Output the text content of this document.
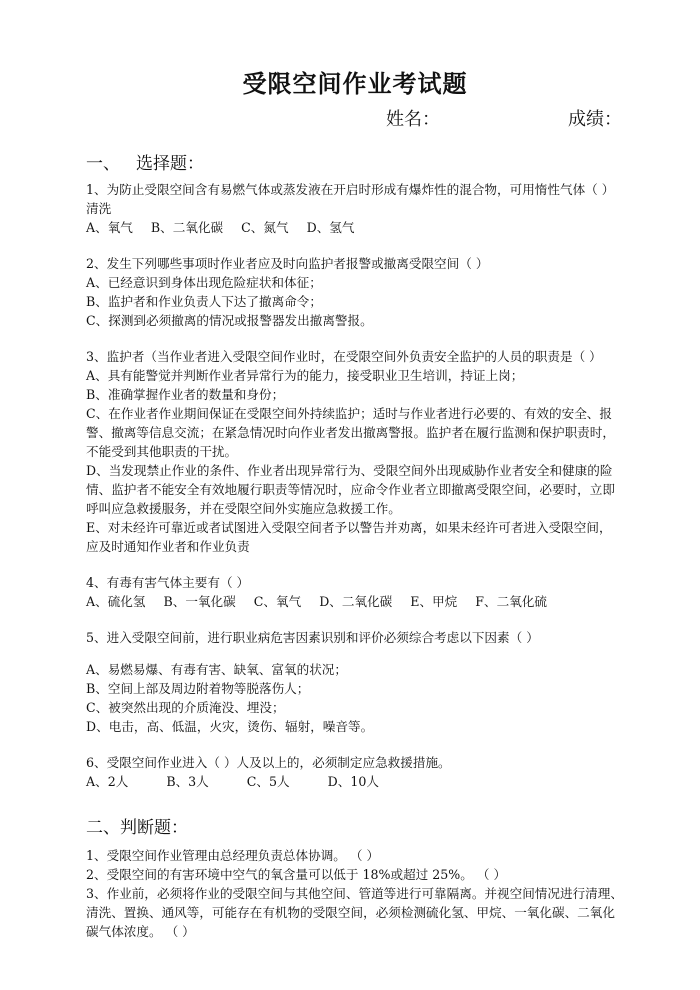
受限空间作业考试题
姓名：	成绩：
一、 选择题：

1、为防止受限空间含有易燃气体或蒸发液在开启时形成有爆炸性的混合物，可用惰性气体（ ）清洗

A、氧气 B、二氧化碳 C、氮气 D、氢气

2、发生下列哪些事项时作业者应及时向监护者报警或撤离受限空间（ ）

A、已经意识到身体出现危险症状和体征；

B、监护者和作业负责人下达了撤离命令；

C、探测到必须撤离的情况或报警器发出撤离警报。

3、监护者（当作业者进入受限空间作业时，在受限空间外负责安全监护的人员的职责是（ ）

A、具有能警觉并判断作业者异常行为的能力，接受职业卫生培训，持证上岗；

B、准确掌握作业者的数量和身份；

C、在作业者作业期间保证在受限空间外持续监护；适时与作业者进行必要的、有效的安全、报警、撤离等信息交流；在紧急情况时向作业者发出撤离警报。监护者在履行监测和保护职责时，不能受到其他职责的干扰。

D、当发现禁止作业的条件、作业者出现异常行为、受限空间外出现威胁作业者安全和健康的险情、监护者不能安全有效地履行职责等情况时，应命令作业者立即撤离受限空间，必要时，立即呼叫应急救援服务，并在受限空间外实施应急救援工作。

E、对未经许可靠近或者试图进入受限空间者予以警告并劝离，如果未经许可者进入受限空间，应及时通知作业者和作业负责

4、有毒有害气体主要有（ ）

A、硫化氢 B、一氧化碳 C、氧气 D、二氧化碳 E、甲烷 F、二氧化硫

5、进入受限空间前，进行职业病危害因素识别和评价必须综合考虑以下因素（ ）

A、易燃易爆、有毒有害、缺氧、富氧的状况；

B、空间上部及周边附着物等脱落伤人；

C、被突然出现的介质淹没、埋没；

D、电击，高、低温，火灾，烫伤、辐射，噪音等。

6、受限空间作业进入（ ）人及以上的，必须制定应急救援措施。

A、2人	B、3人	C、5人	D、10人

二、判断题：

1、受限空间作业管理由总经理负责总体协调。 （ ）

2、受限空间的有害环境中空气的氧含量可以低于 18%或超过 25%。 （ ）

3、作业前，必须将作业的受限空间与其他空间、管道等进行可靠隔离。并视空间情况进行清理、清洗、置换、通风等，可能存在有机物的受限空间，必须检测硫化氢、甲烷、一氧化碳、二氧化碳气体浓度。 （ ）
